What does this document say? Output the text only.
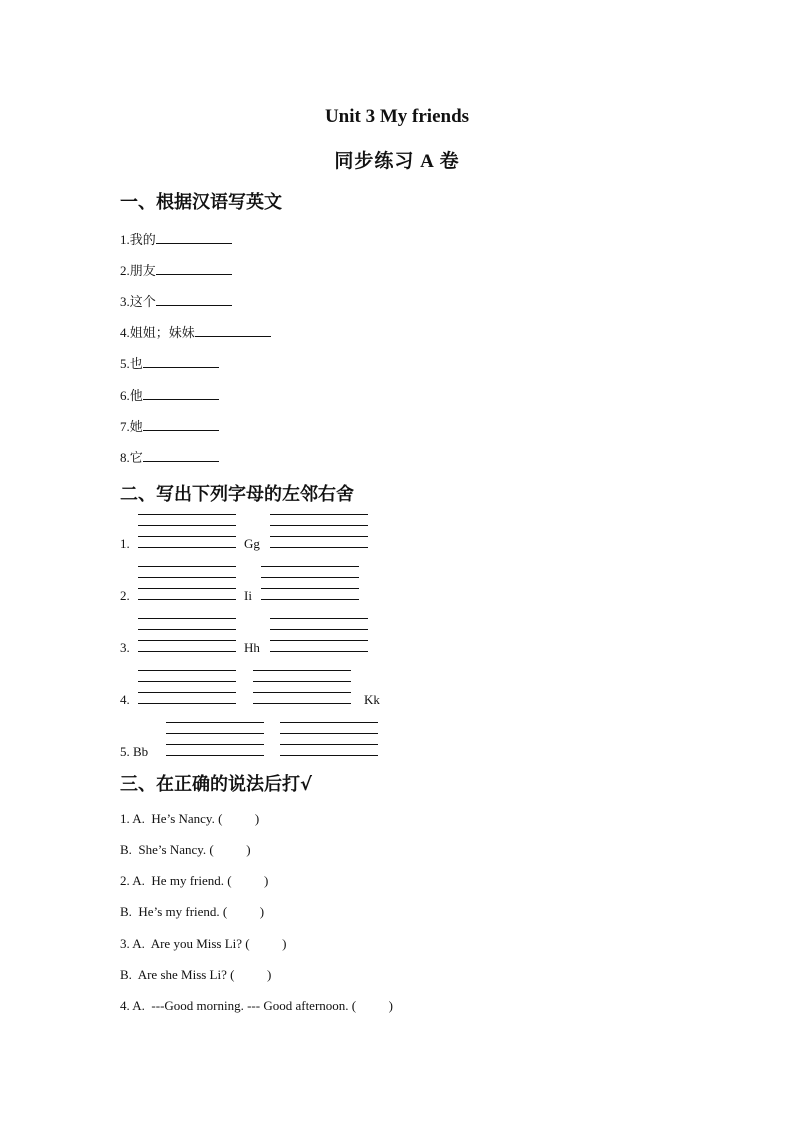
Unit 3 My friends
同步练习 A 卷
一、根据汉语写英文
1.我的
2.朋友
3.这个
4.姐姐；妹妹
5.也
6.他
7.她
8.它
二、写出下列字母的左邻右舍
1.	Gg
2.	Ii
3.	Hh
4.	Kk
5. Bb
三、在正确的说法后打√
1. A.  He’s Nancy. (          )
B.  She’s Nancy. (          )
2. A.  He my friend. (          )
B.  He’s my friend. (          )
3. A.  Are you Miss Li? (          )
B.  Are she Miss Li? (          )
4. A.  ---Good morning. --- Good afternoon. (          )
